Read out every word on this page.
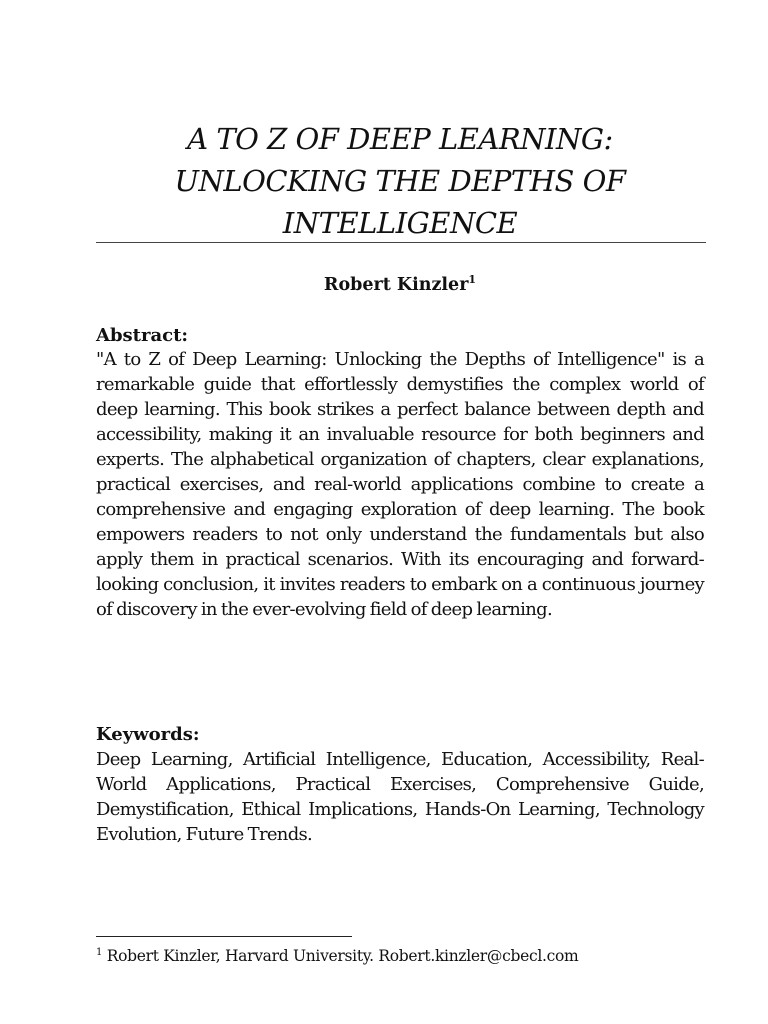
A TO Z OF DEEP LEARNING:
UNLOCKING THE DEPTHS OF
INTELLIGENCE
Robert Kinzler$^1$
Abstract:

"A to Z of Deep Learning: Unlocking the Depths of Intelligence" is a remarkable guide that effortlessly demystifies the complex world of deep learning. This book strikes a perfect balance between depth and accessibility, making it an invaluable resource for both beginners and experts. The alphabetical organization of chapters, clear explanations, practical exercises, and real-world applications combine to create a comprehensive and engaging exploration of deep learning. The book empowers readers to not only understand the fundamentals but also apply them in practical scenarios. With its encouraging and forward-looking conclusion, it invites readers to embark on a continuous journey of discovery in the ever-evolving field of deep learning.

Keywords:

Deep Learning, Artificial Intelligence, Education, Accessibility, Real-World Applications, Practical Exercises, Comprehensive Guide, Demystification, Ethical Implications, Hands-On Learning, Technology Evolution, Future Trends.

$^1$ Robert Kinzler, Harvard University. Robert.kinzler@cbecl.com
